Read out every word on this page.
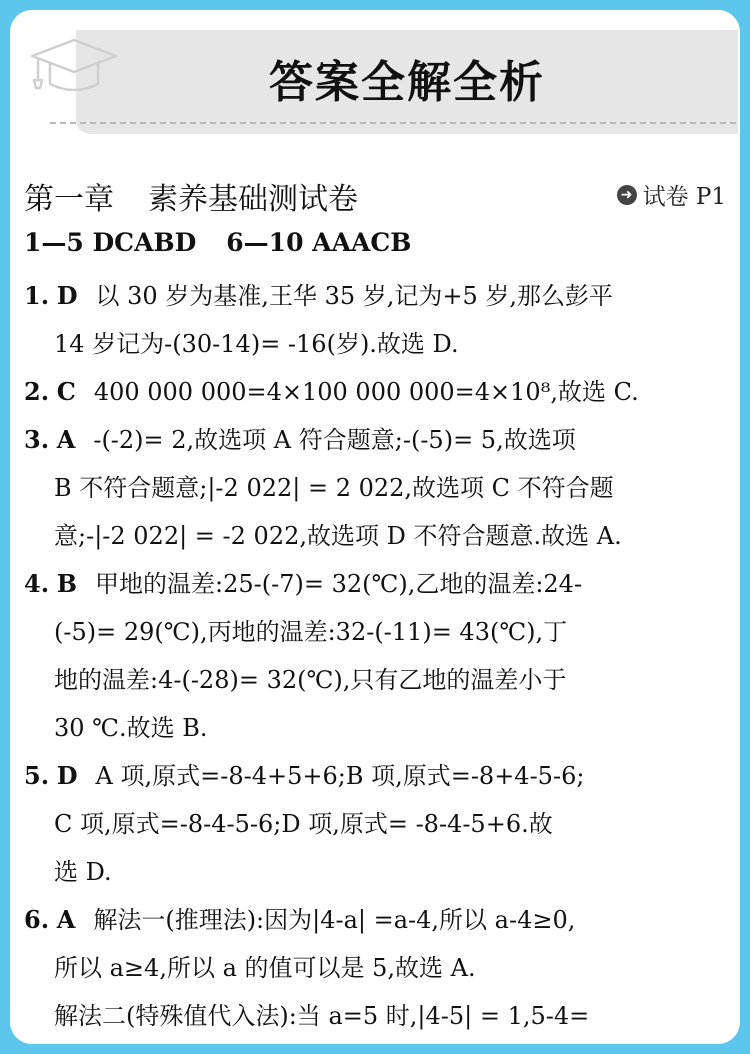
答案全解全析
第一章 素养基础测试卷	➜ 试卷 P1
1—5 DCABD 6—10 AAACB
1. D 以 30 岁为基准,王华 35 岁,记为+5 岁,那么彭平
14 岁记为-(30-14)= -16(岁).故选 D.
2. C 400 000 000=4×100 000 000=4×10⁸,故选 C.
3. A -(-2)= 2,故选项 A 符合题意;-(-5)= 5,故选项
B 不符合题意;|-2 022| = 2 022,故选项 C 不符合题
意;-|-2 022| = -2 022,故选项 D 不符合题意.故选 A.
4. B 甲地的温差:25-(-7)= 32(℃),乙地的温差:24-
(-5)= 29(℃),丙地的温差:32-(-11)= 43(℃),丁
地的温差:4-(-28)= 32(℃),只有乙地的温差小于
30 ℃.故选 B.
5. D A 项,原式=-8-4+5+6;B 项,原式=-8+4-5-6;
C 项,原式=-8-4-5-6;D 项,原式= -8-4-5+6.故
选 D.
6. A 解法一(推理法):因为|4-a| =a-4,所以 a-4≥0,
所以 a≥4,所以 a 的值可以是 5,故选 A.
解法二(特殊值代入法):当 a=5 时,|4-5| = 1,5-4=
